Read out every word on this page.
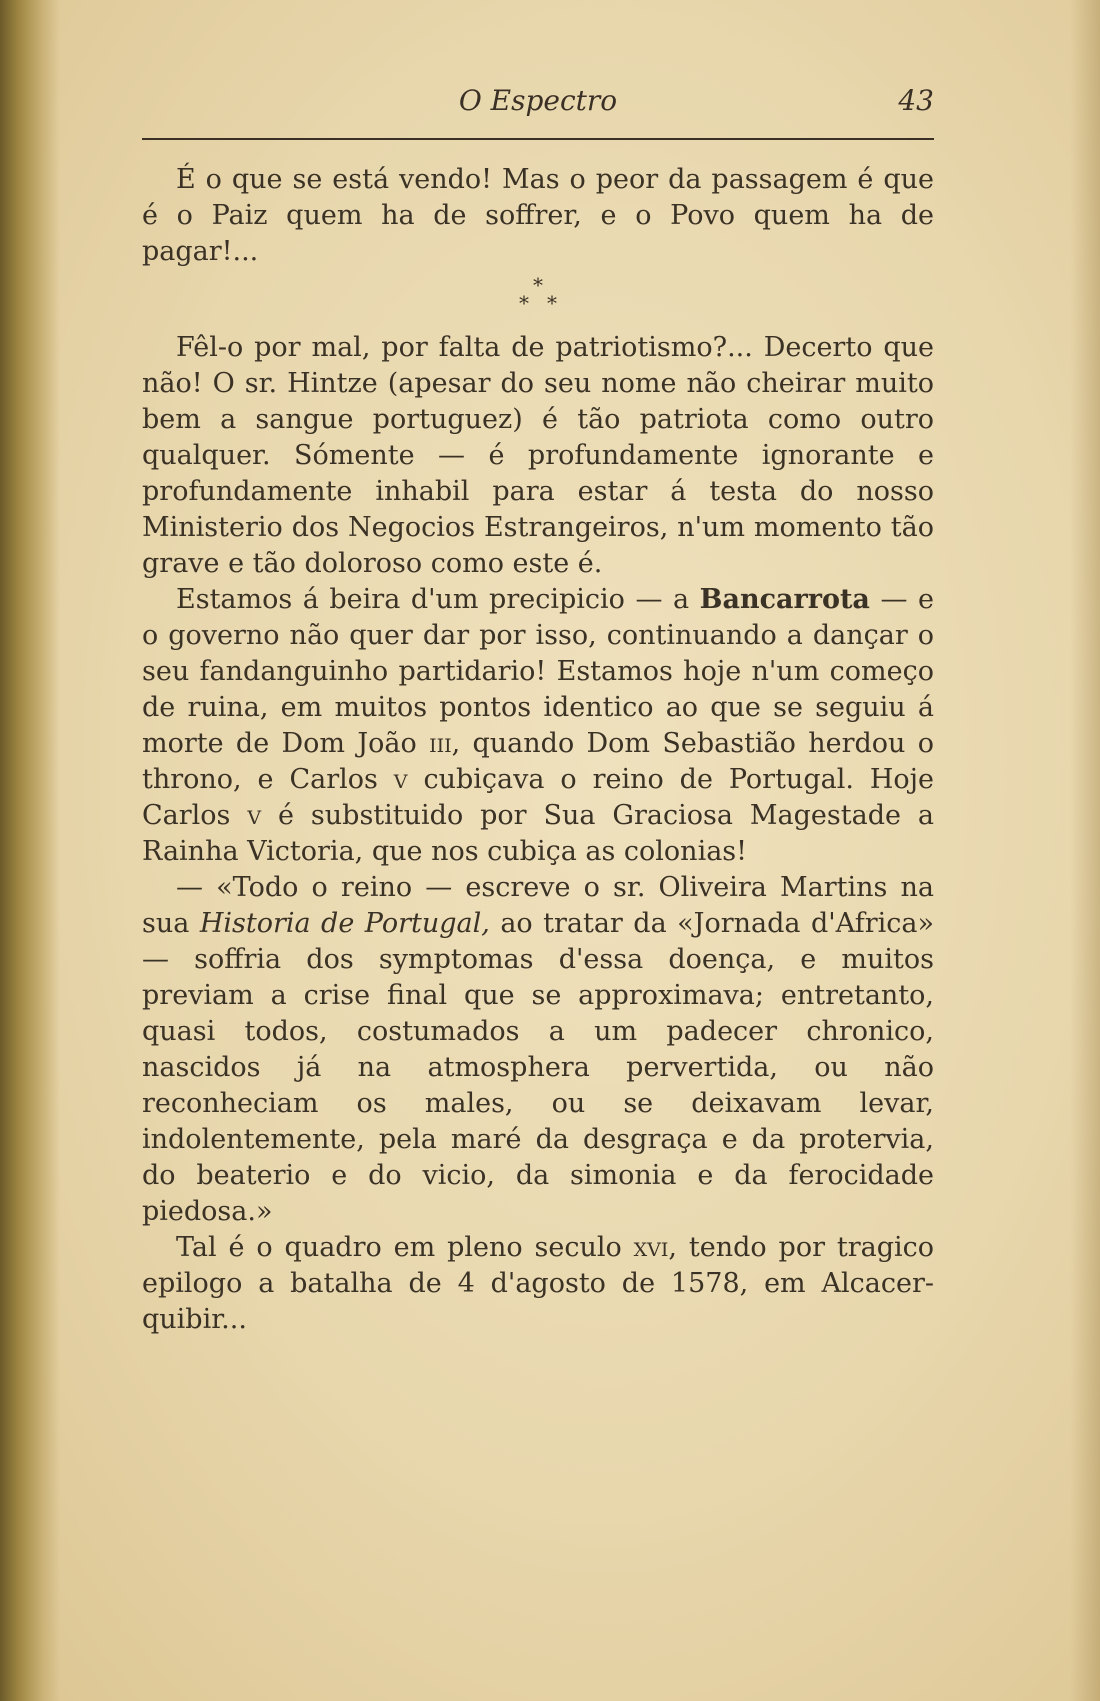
O Espectro	43

É o que se está vendo! Mas o peor da passagem é que é o Paiz quem ha de soffrer, e o Povo quem ha de pagar!...

*
**

Fêl-o por mal, por falta de patriotismo?... Decerto que não! O sr. Hintze (apesar do seu nome não cheirar muito bem a sangue portuguez) é tão patriota como outro qualquer. Sómente — é profundamente ignorante e profundamente inhabil para estar á testa do nosso Ministerio dos Negocios Estrangeiros, n'um momento tão grave e tão doloroso como este é.

Estamos á beira d'um precipicio — a Bancarrota — e o governo não quer dar por isso, continuando a dançar o seu fandanguinho partidario! Estamos hoje n'um começo de ruina, em muitos pontos identico ao que se seguiu á morte de Dom João iii, quando Dom Sebastião herdou o throno, e Carlos v cubiçava o reino de Portugal. Hoje Carlos v é substituido por Sua Graciosa Magestade a Rainha Victoria, que nos cubiça as colonias!

— «Todo o reino — escreve o sr. Oliveira Martins na sua Historia de Portugal, ao tratar da «Jornada d'Africa» — soffria dos symptomas d'essa doença, e muitos previam a crise final que se approximava; entretanto, quasi todos, costumados a um padecer chronico, nascidos já na atmosphera pervertida, ou não reconheciam os males, ou se deixavam levar, indolentemente, pela maré da desgraça e da protervia, do beaterio e do vicio, da simonia e da ferocidade piedosa.»

Tal é o quadro em pleno seculo xvi, tendo por tragico epilogo a batalha de 4 d'agosto de 1578, em Alcacer-quibir...
